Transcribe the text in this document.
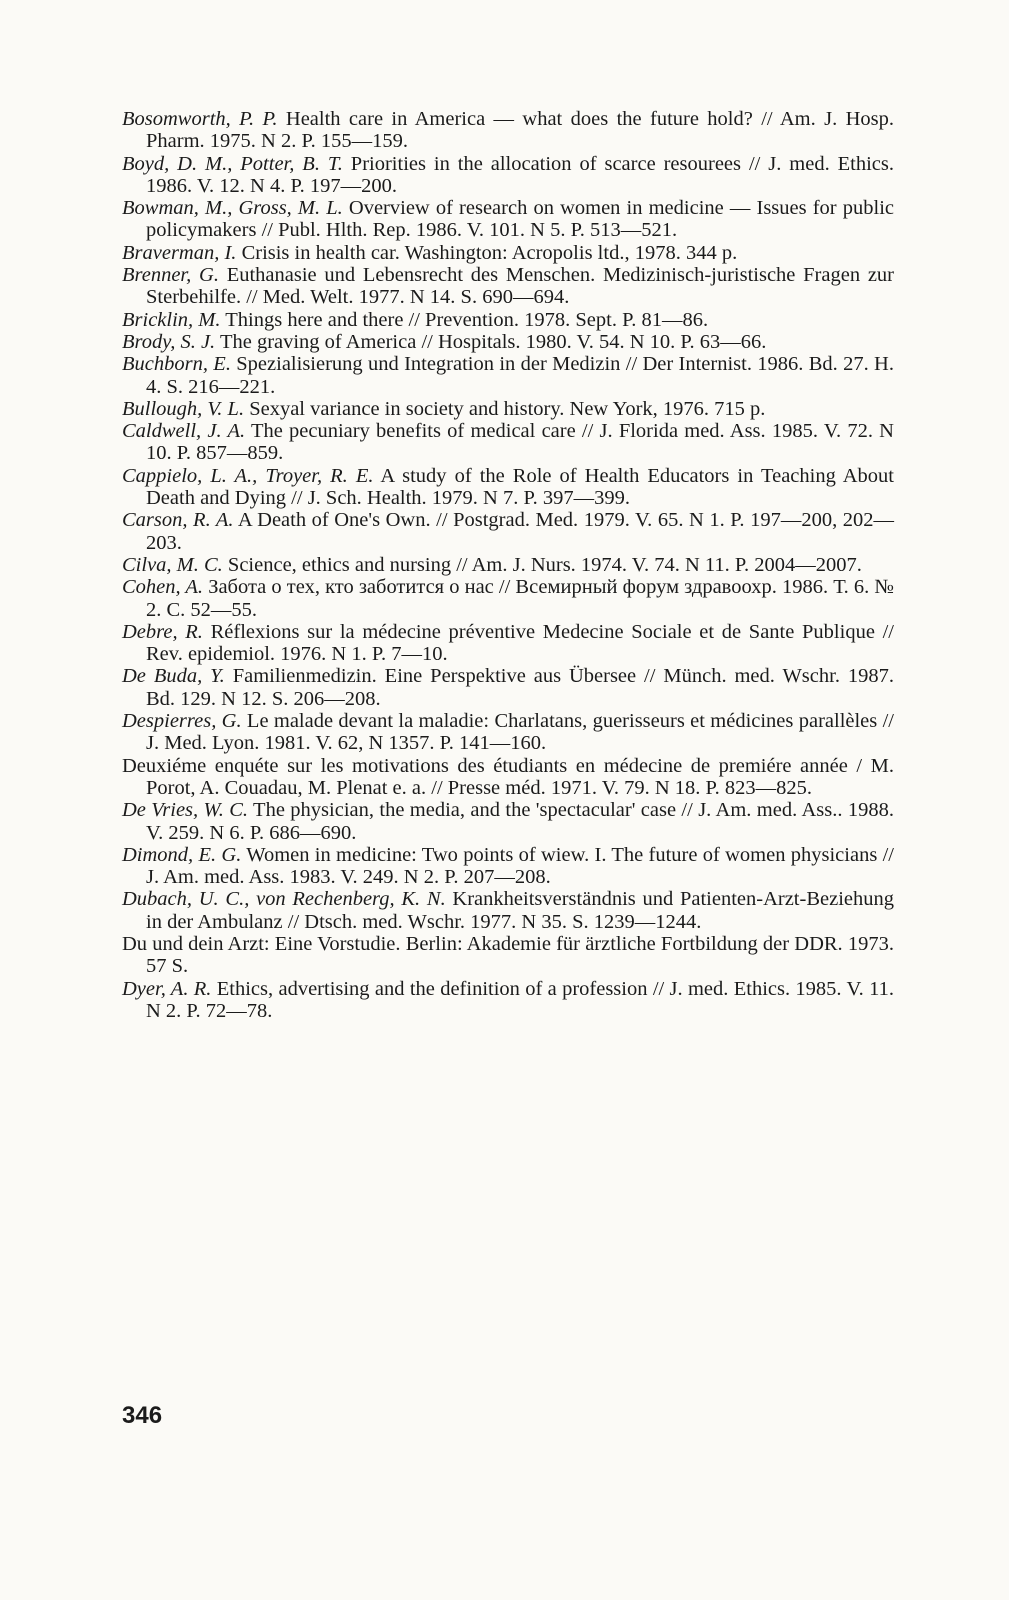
Bosomworth, P. P. Health care in America — what does the future hold? // Am. J. Hosp. Pharm. 1975. N 2. P. 155—159.

Boyd, D. M., Potter, B. T. Priorities in the allocation of scarce resourees // J. med. Ethics. 1986. V. 12. N 4. P. 197—200.

Bowman, M., Gross, M. L. Overview of research on women in medicine — Issues for public policymakers // Publ. Hlth. Rep. 1986. V. 101. N 5. P. 513—521.

Braverman, I. Crisis in health car. Washington: Acropolis ltd., 1978. 344 p.

Brenner, G. Euthanasie und Lebensrecht des Menschen. Medizinisch-juristische Fragen zur Sterbehilfe. // Med. Welt. 1977. N 14. S. 690—694.

Bricklin, M. Things here and there // Prevention. 1978. Sept. P. 81—86.

Brody, S. J. The graving of America // Hospitals. 1980. V. 54. N 10. P. 63—66.

Buchborn, E. Spezialisierung und Integration in der Medizin // Der Internist. 1986. Bd. 27. H. 4. S. 216—221.

Bullough, V. L. Sexyal variance in society and history. New York, 1976. 715 p.

Caldwell, J. A. The pecuniary benefits of medical care // J. Florida med. Ass. 1985. V. 72. N 10. P. 857—859.

Cappielo, L. A., Troyer, R. E. A study of the Role of Health Educators in Teaching About Death and Dying // J. Sch. Health. 1979. N 7. P. 397—399.

Carson, R. A. A Death of One's Own. // Postgrad. Med. 1979. V. 65. N 1. P. 197—200, 202—203.

Cilva, M. C. Science, ethics and nursing // Am. J. Nurs. 1974. V. 74. N 11. P. 2004—2007.

Cohen, A. Забота о тех, кто заботится о нас // Всемирный форум здравоохр. 1986. Т. 6. № 2. С. 52—55.

Debre, R. Réflexions sur la médecine préventive Medecine Sociale et de Sante Publique // Rev. epidemiol. 1976. N 1. P. 7—10.

De Buda, Y. Familienmedizin. Eine Perspektive aus Übersee // Münch. med. Wschr. 1987. Bd. 129. N 12. S. 206—208.

Despierres, G. Le malade devant la maladie: Charlatans, guerisseurs et médicines parallèles // J. Med. Lyon. 1981. V. 62, N 1357. P. 141—160.

Deuxiéme enquéte sur les motivations des étudiants en médecine de premiére année / M. Porot, A. Couadau, M. Plenat e. a. // Presse méd. 1971. V. 79. N 18. P. 823—825.

De Vries, W. C. The physician, the media, and the 'spectacular' case // J. Am. med. Ass.. 1988. V. 259. N 6. P. 686—690.

Dimond, E. G. Women in medicine: Two points of wiew. I. The future of women physicians // J. Am. med. Ass. 1983. V. 249. N 2. P. 207—208.

Dubach, U. C., von Rechenberg, K. N. Krankheitsverständnis und Patienten-Arzt-Beziehung in der Ambulanz // Dtsch. med. Wschr. 1977. N 35. S. 1239—1244.

Du und dein Arzt: Eine Vorstudie. Berlin: Akademie für ärztliche Fortbildung der DDR. 1973. 57 S.

Dyer, A. R. Ethics, advertising and the definition of a profession // J. med. Ethics. 1985. V. 11. N 2. P. 72—78.

346
